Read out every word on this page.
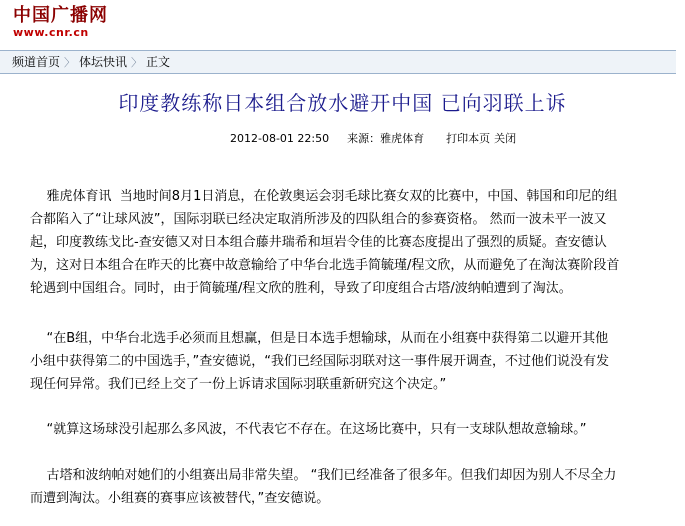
中国广播网
www.cnr.cn
频道首页 〉 体坛快讯 〉 正文
印度教练称日本组合放水避开中国 已向羽联上诉
2012-08-01 22:50 来源：雅虎体育 打印本页 关闭
雅虎体育讯  当地时间8月1日消息，在伦敦奥运会羽毛球比赛女双的比赛中，中国、韩国和印尼的组
合都陷入了“让球风波”，国际羽联已经决定取消所涉及的四队组合的参赛资格。 然而一波未平一波又
起，印度教练戈比-查安德又对日本组合藤井瑞希和垣岩令佳的比赛态度提出了强烈的质疑。查安德认
为，这对日本组合在昨天的比赛中故意输给了中华台北选手简毓瑾/程文欣，从而避免了在淘汰赛阶段首
轮遇到中国组合。同时，由于简毓瑾/程文欣的胜利，导致了印度组合古塔/波纳帕遭到了淘汰。
“在B组，中华台北选手必须而且想赢，但是日本选手想输球，从而在小组赛中获得第二以避开其他
小组中获得第二的中国选手，”查安德说，“我们已经国际羽联对这一事件展开调查，不过他们说没有发
现任何异常。我们已经上交了一份上诉请求国际羽联重新研究这个决定。”
“就算这场球没引起那么多风波，不代表它不存在。在这场比赛中，只有一支球队想故意输球。”
古塔和波纳帕对她们的小组赛出局非常失望。 “我们已经准备了很多年。但我们却因为别人不尽全力
而遭到淘汰。小组赛的赛事应该被替代，”查安德说。
